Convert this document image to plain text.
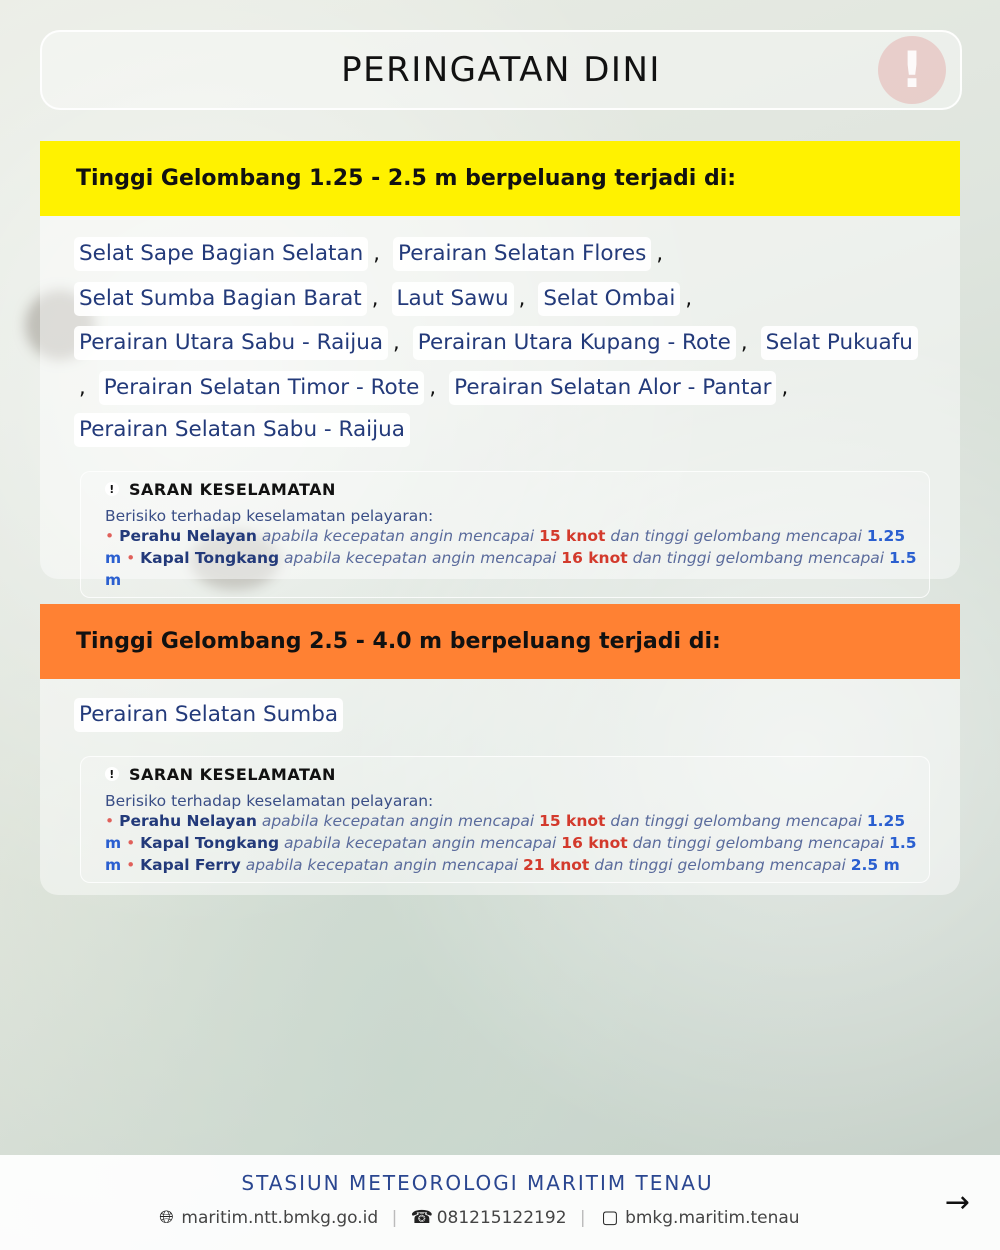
PERINGATAN DINI	!
Tinggi Gelombang 1.25 - 2.5 m berpeluang terjadi di:
Selat Sape Bagian Selatan , Perairan Selatan Flores , Selat Sumba Bagian Barat , Laut Sawu , Selat Ombai , Perairan Utara Sabu - Raijua , Perairan Utara Kupang - Rote , Selat Pukuafu, Perairan Selatan Timor - Rote , Perairan Selatan Alor - Pantar , Perairan Selatan Sabu - Raijua
! SARAN KESELAMATAN
Berisiko terhadap keselamatan pelayaran:
• Perahu Nelayan apabila kecepatan angin mencapai 15 knot dan tinggi gelombang mencapai 1.25 m • Kapal Tongkang apabila kecepatan angin mencapai 16 knot dan tinggi gelombang mencapai 1.5 m
Tinggi Gelombang 2.5 - 4.0 m berpeluang terjadi di:
Perairan Selatan Sumba
! SARAN KESELAMATAN
Berisiko terhadap keselamatan pelayaran:
• Perahu Nelayan apabila kecepatan angin mencapai 15 knot dan tinggi gelombang mencapai 1.25 m • Kapal Tongkang apabila kecepatan angin mencapai 16 knot dan tinggi gelombang mencapai 1.5 m • Kapal Ferry apabila kecepatan angin mencapai 21 knot dan tinggi gelombang mencapai 2.5 m
STASIUN METEOROLOGI MARITIM TENAU
🌐︎ maritim.ntt.bmkg.go.id | ☎ 081215122192 | ▢ bmkg.maritim.tenau	→
